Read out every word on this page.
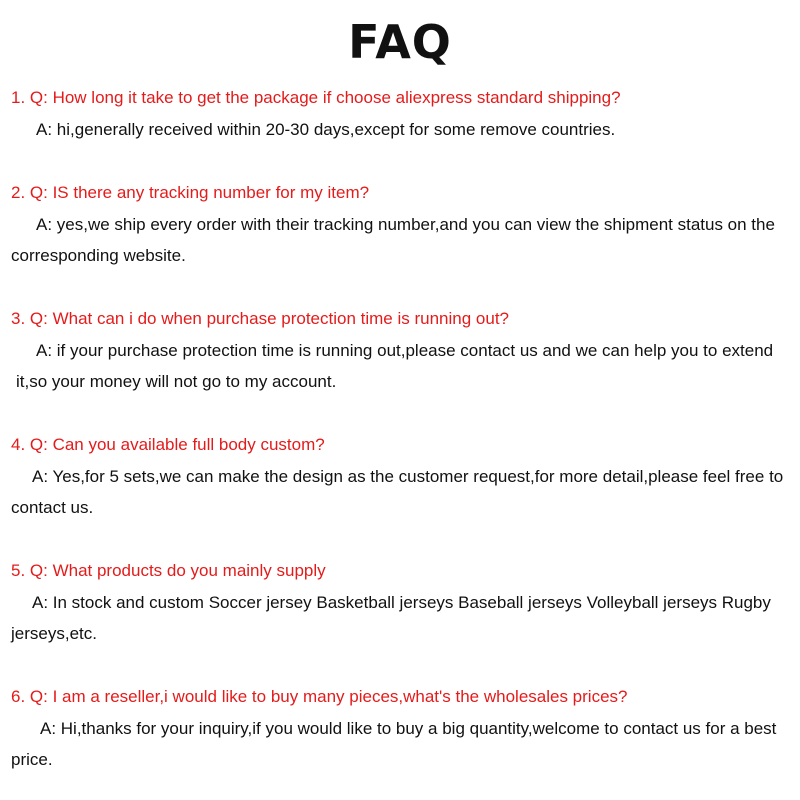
FAQ
1. Q: How long it take to get the package if choose aliexpress standard shipping?
A: hi,generally received within 20-30 days,except for some remove countries.
2. Q: IS there any tracking number for my item?
A: yes,we ship every order with their tracking number,and you can view the shipment status on the corresponding website.
3. Q: What can i do when purchase protection time is running out?
A: if your purchase protection time is running out,please contact us and we can help you to extend it,so your money will not go to my account.
4. Q: Can you available full body custom?
A: Yes,for 5 sets,we can make the design as the customer request,for more detail,please feel free to contact us.
5. Q: What products do you mainly supply
A: In stock and custom Soccer jersey Basketball jerseys Baseball jerseys Volleyball jerseys Rugby jerseys,etc.
6. Q: I am a reseller,i would like to buy many pieces,what's the wholesales prices?
A: Hi,thanks for your inquiry,if you would like to buy a big quantity,welcome to contact us for a best price.
